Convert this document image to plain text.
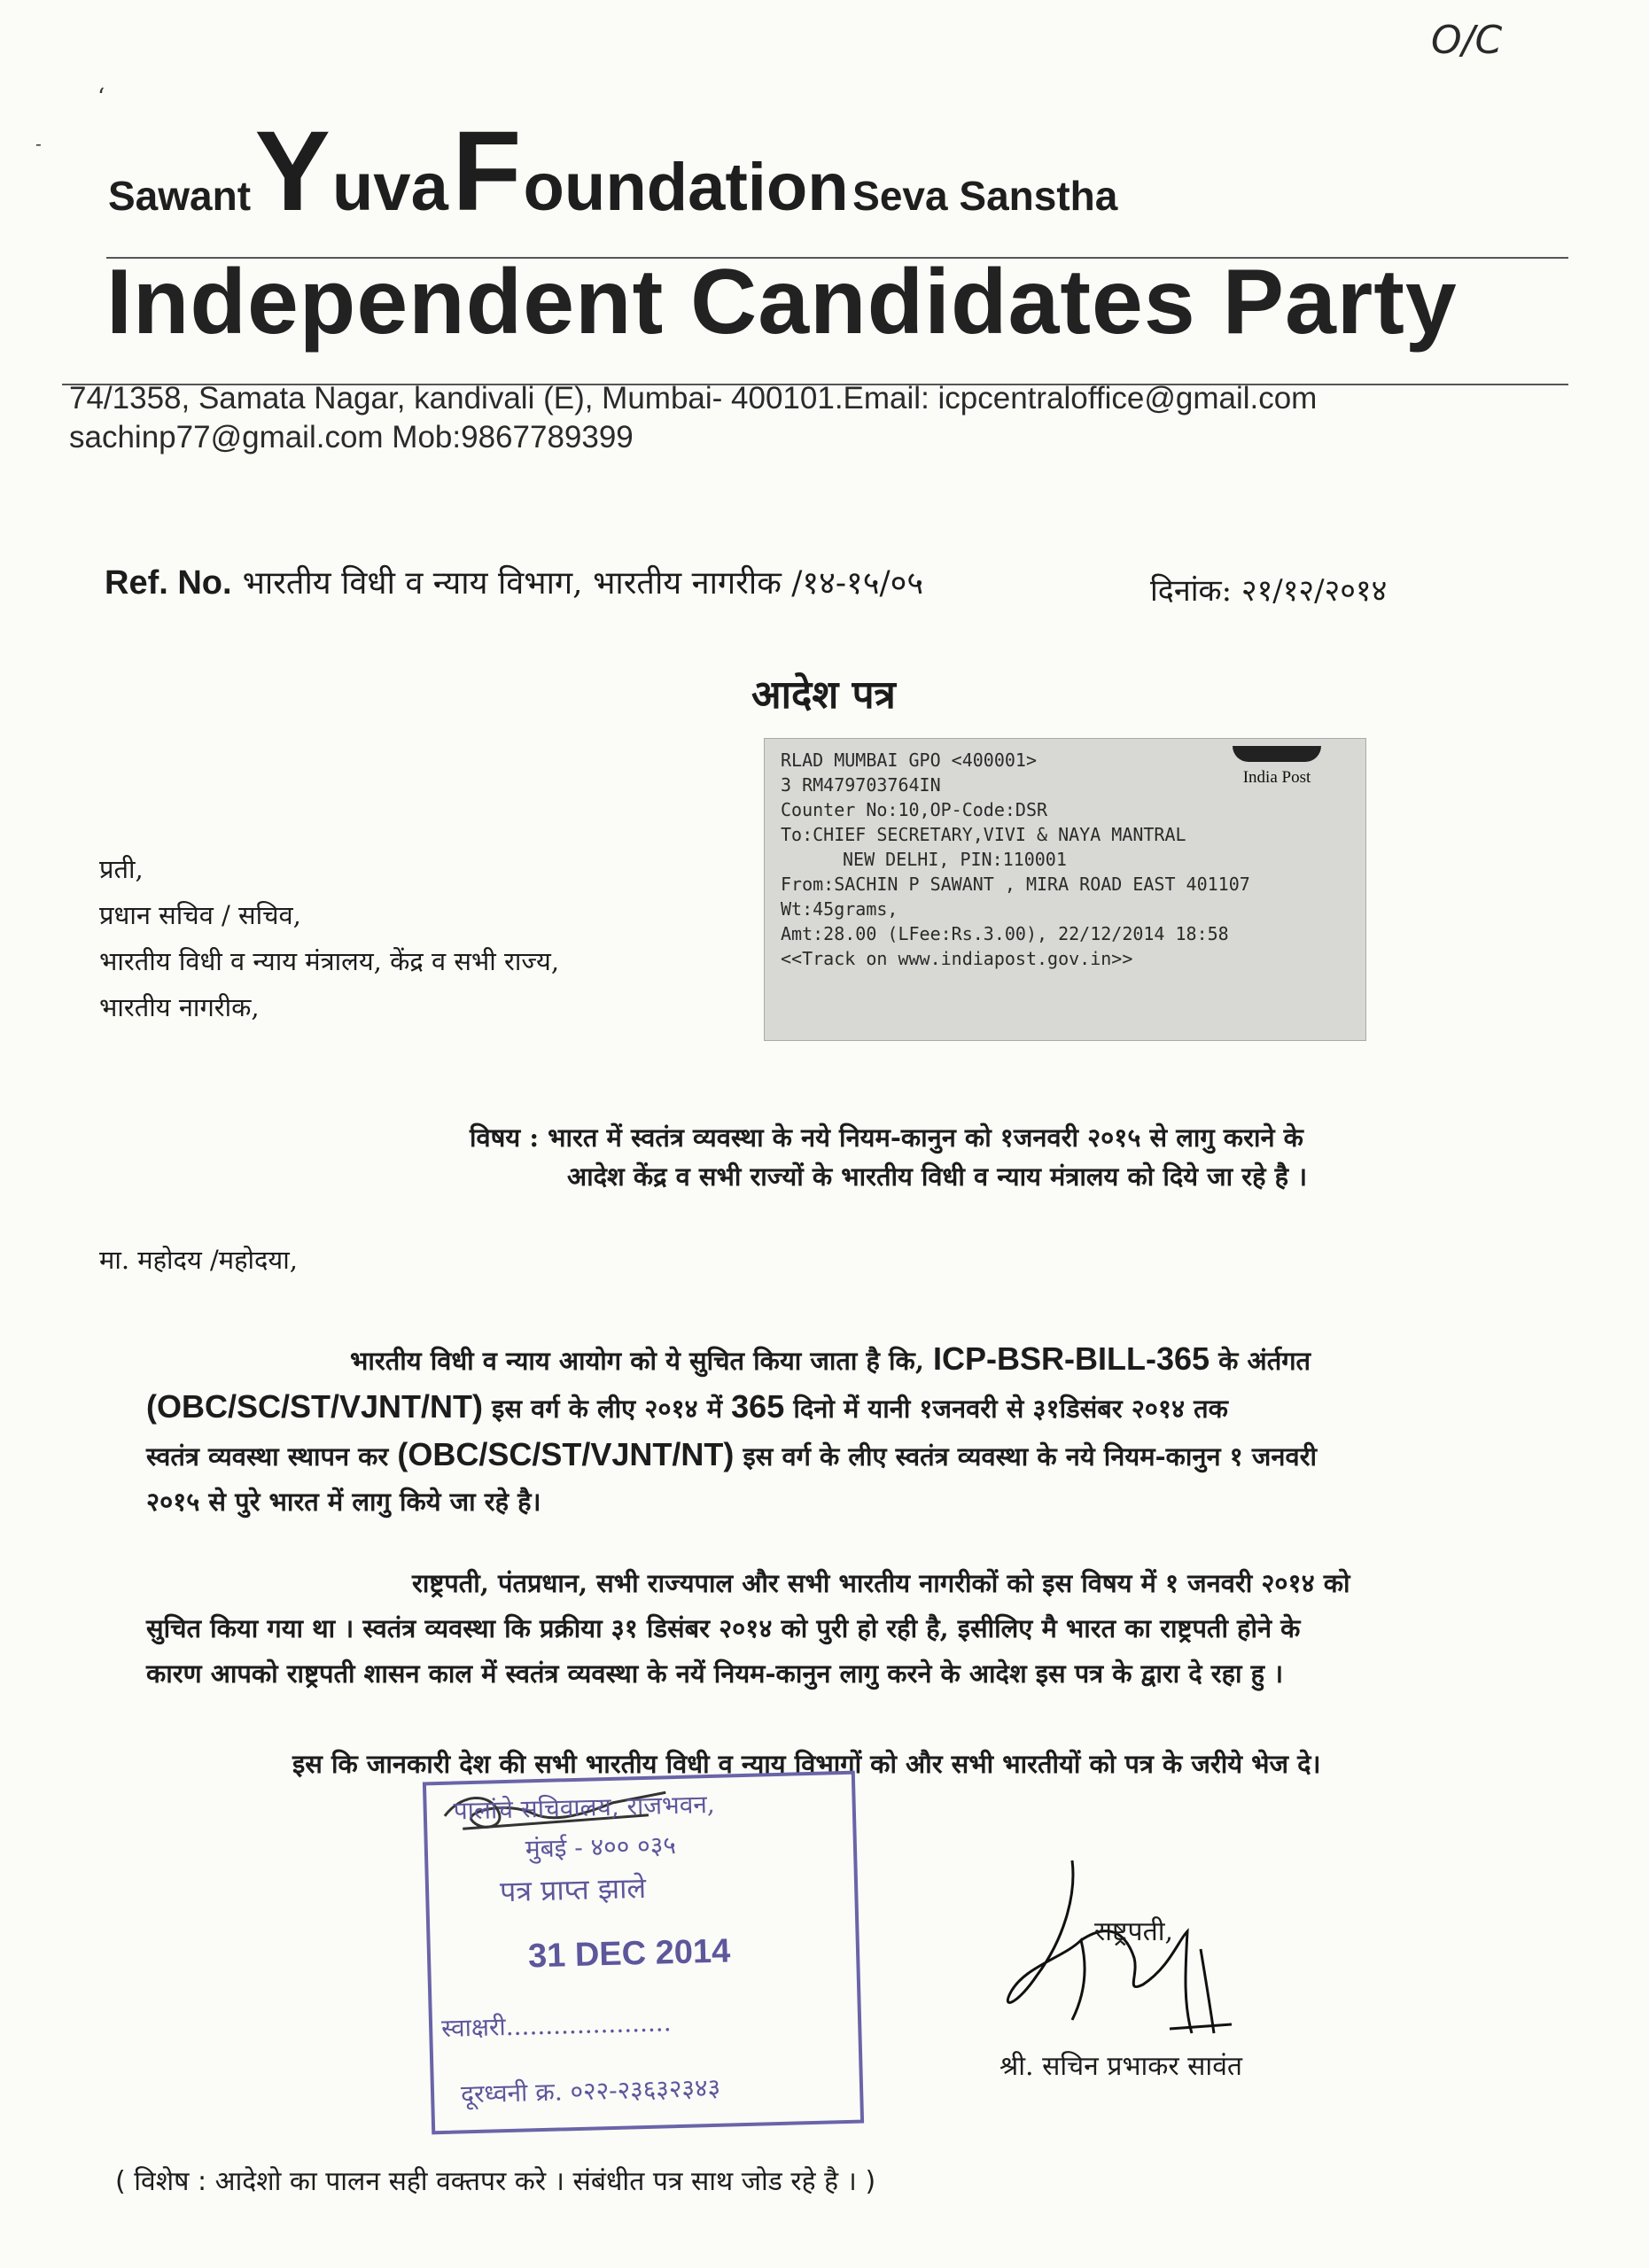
O/C
ʻ
-
Sawant Yuva Foundation Seva Sanstha
Independent Candidates Party
74/1358, Samata Nagar, kandivali (E), Mumbai- 400101.Email: icpcentraloffice@gmail.com
sachinp77@gmail.com Mob:9867789399
Ref. No. भारतीय विधी व न्याय विभाग, भारतीय नागरीक /१४-१५/०५	दिनांक: २१/१२/२०१४
आदेश पत्र
India Post
RLAD MUMBAI GPO <400001>
3 RM479703764IN
Counter No:10,OP-Code:DSR
To:CHIEF SECRETARY,VIVI & NAYA MANTRAL
NEW DELHI, PIN:110001
From:SACHIN P SAWANT , MIRA ROAD EAST 401107
Wt:45grams,
Amt:28.00 (LFee:Rs.3.00), 22/12/2014 18:58
<<Track on www.indiapost.gov.in>>
प्रती,
प्रधान सचिव / सचिव,
भारतीय विधी व न्याय मंत्रालय, केंद्र व सभी राज्य,
भारतीय नागरीक,
विषय : भारत में स्वतंत्र व्यवस्था के नये नियम-कानुन को १जनवरी २०१५ से लागु कराने के
आदेश केंद्र व सभी राज्यों के भारतीय विधी व न्याय मंत्रालय को दिये जा रहे है ।
मा. महोदय /महोदया,
भारतीय विधी व न्याय आयोग को ये सुचित किया जाता है कि, ICP-BSR-BILL-365 के अंर्तगत
(OBC/SC/ST/VJNT/NT) इस वर्ग के लीए २०१४ में 365 दिनो में यानी १जनवरी से ३१डिसंबर २०१४ तक
स्वतंत्र व्यवस्था स्थापन कर (OBC/SC/ST/VJNT/NT) इस वर्ग के लीए स्वतंत्र व्यवस्था के नये नियम-कानुन १ जनवरी
२०१५ से पुरे भारत में लागु किये जा रहे है।
राष्ट्रपती, पंतप्रधान, सभी राज्यपाल और सभी भारतीय नागरीकों को इस विषय में १ जनवरी २०१४ को
सुचित किया गया था । स्वतंत्र व्यवस्था कि प्रक्रीया ३१ डिसंबर २०१४ को पुरी हो रही है, इसीलिए मै भारत का राष्ट्रपती होने के
कारण आपको राष्ट्रपती शासन काल में स्वतंत्र व्यवस्था के नयें नियम-कानुन लागु करने के आदेश इस पत्र के द्वारा दे रहा हु ।
इस कि जानकारी देश की सभी भारतीय विधी व न्याय विभागों को और सभी भारतीयों को पत्र के जरीये भेज दे।
पालांचे सचिवालय, राजभवन,
मुंबई - ४०० ०३५
पत्र प्राप्त झाले
31 DEC 2014
स्वाक्षरी.....................
दूरध्वनी क्र. ०२२-२३६३२३४३
राष्ट्रपती,
श्री. सचिन प्रभाकर सावंत
( विशेष : आदेशो का पालन सही वक्तपर करे । संबंधीत पत्र साथ जोड रहे है । )
